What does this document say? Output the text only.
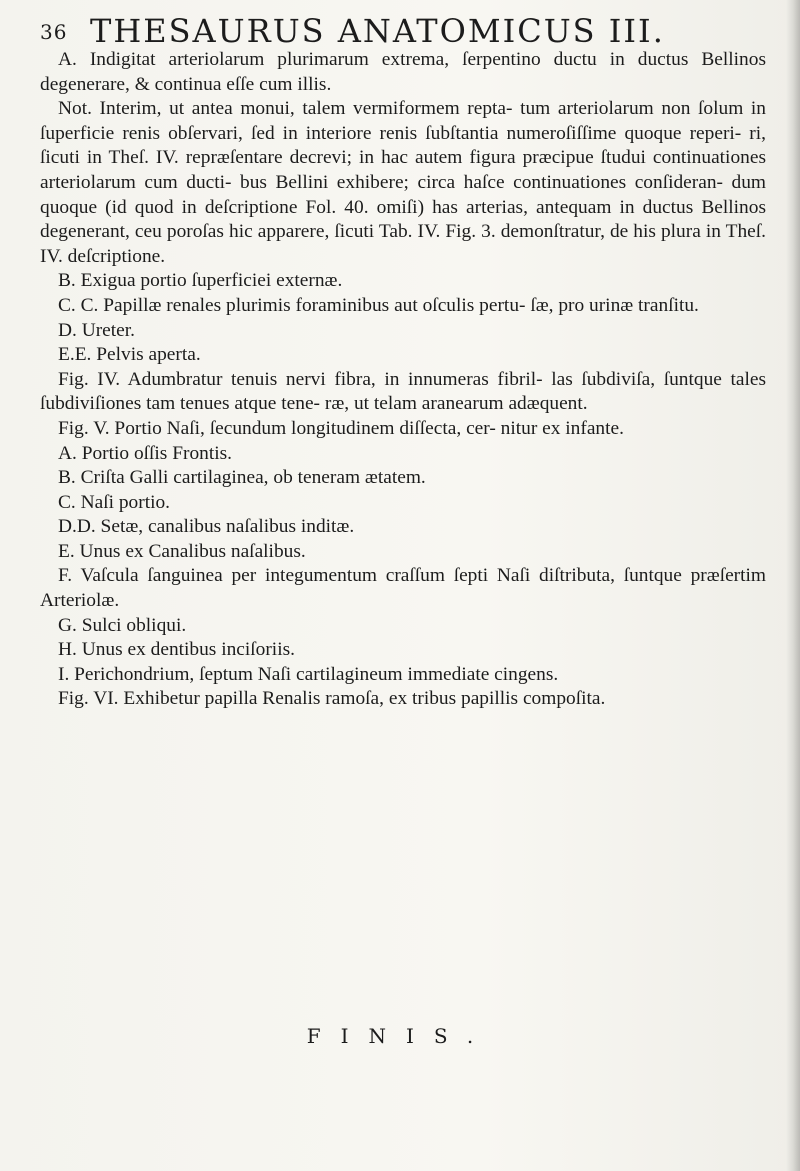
36 THESAURUS ANATOMICUS III.

A. Indigitat arteriolarum plurimarum extrema, ſerpentino ductu in ductus Bellinos degenerare, & continua eſſe cum illis.

Not. Interim, ut antea monui, talem vermiformem repta- tum arteriolarum non ſolum in ſuperficie renis obſervari, ſed in interiore renis ſubſtantia numeroſiſſime quoque reperi- ri, ſicuti in Theſ. IV. repræſentare decrevi; in hac autem figura præcipue ſtudui continuationes arteriolarum cum ducti- bus Bellini exhibere; circa haſce continuationes conſideran- dum quoque (id quod in deſcriptione Fol. 40. omiſi) has arterias, antequam in ductus Bellinos degenerant, ceu poroſas hic apparere, ſicuti Tab. IV. Fig. 3. demonſtratur, de his plura in Theſ. IV. deſcriptione.

B. Exigua portio ſuperficiei externæ.

C. C. Papillæ renales plurimis foraminibus aut oſculis pertu- ſæ, pro urinæ tranſitu.

D. Ureter.

E.E. Pelvis aperta.

Fig. IV. Adumbratur tenuis nervi fibra, in innumeras fibril- las ſubdiviſa, ſuntque tales ſubdiviſiones tam tenues atque tene- ræ, ut telam aranearum adæquent.

Fig. V. Portio Naſi, ſecundum longitudinem diſſecta, cer- nitur ex infante.

A. Portio oſſis Frontis.

B. Criſta Galli cartilaginea, ob teneram ætatem.

C. Naſi portio.

D.D. Setæ, canalibus naſalibus inditæ.

E. Unus ex Canalibus naſalibus.

F. Vaſcula ſanguinea per integumentum craſſum ſepti Naſi diſtributa, ſuntque præſertim Arteriolæ.

G. Sulci obliqui.

H. Unus ex dentibus inciſoriis.

I. Perichondrium, ſeptum Naſi cartilagineum immediate cingens.

Fig. VI. Exhibetur papilla Renalis ramoſa, ex tribus papillis compoſita.

FINIS.
